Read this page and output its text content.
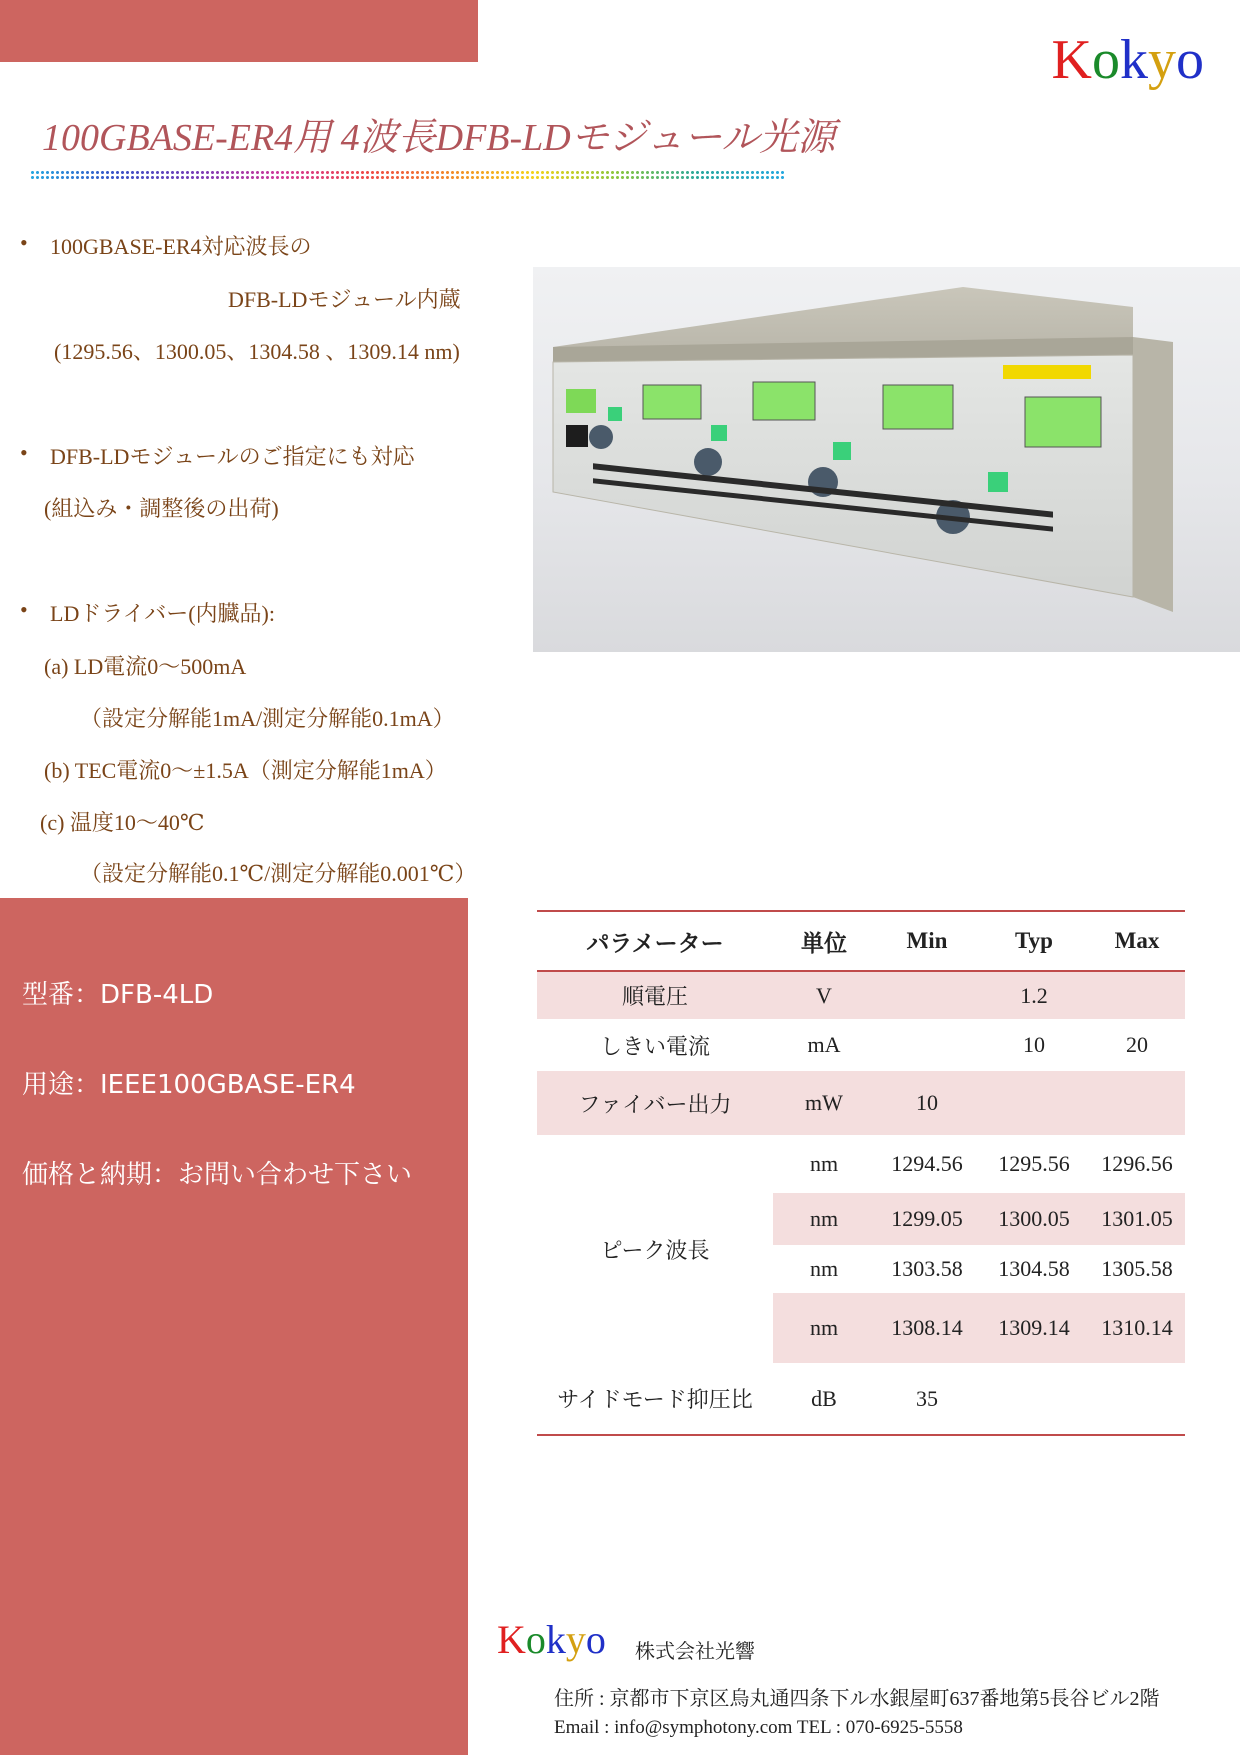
Kokyo
100GBASE-ER4用 4波長DFB-LDモジュール光源
• 100GBASE-ER4対応波長の
DFB-LDモジュール内蔵
(1295.56、1300.05、1304.58 、1309.14 nm)
• DFB-LDモジュールのご指定にも対応
(組込み・調整後の出荷)
• LDドライバー(内臓品):
(a) LD電流0〜500mA
（設定分解能1mA/測定分解能0.1mA）
(b) TEC電流0〜±1.5A（測定分解能1mA）
(c) 温度10〜40℃
（設定分解能0.1℃/測定分解能0.001℃）
型番：DFB-4LD
用途：IEEE100GBASE-ER4
価格と納期：お問い合わせ下さい
パラメーター	単位	Min	Typ	Max
順電圧	V		1.2	
しきい電流	mA		10	20
ファイバー出力	mW	10		
ピーク波長	nm	1294.56	1295.56	1296.56
	nm	1299.05	1300.05	1301.05
	nm	1303.58	1304.58	1305.58
	nm	1308.14	1309.14	1310.14
サイドモード抑圧比	dB	35		
Kokyo 株式会社光響
住所 : 京都市下京区烏丸通四条下ル水銀屋町637番地第5長谷ビル2階
Email : info@symphotony.com TEL : 070-6925-5558
